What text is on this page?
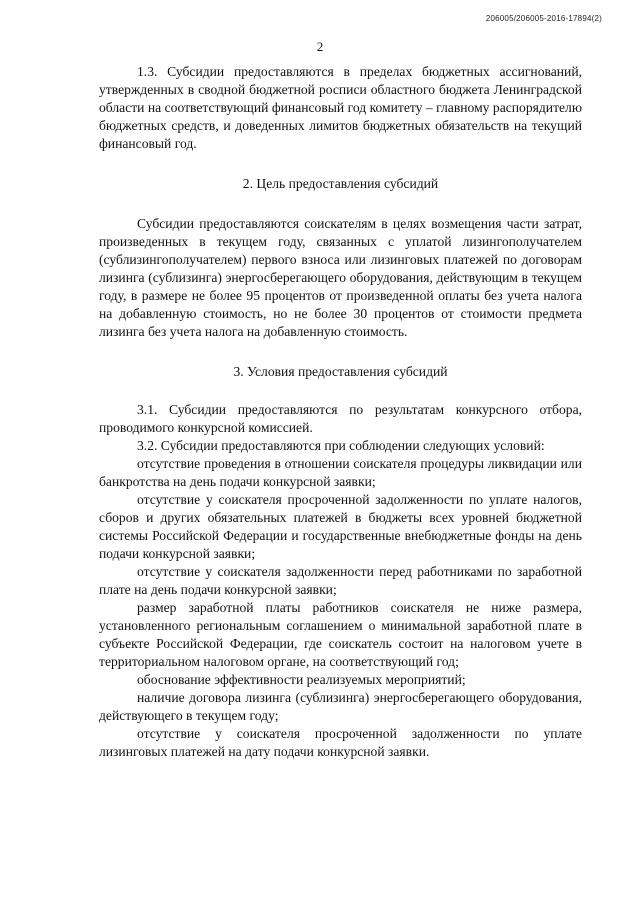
206005/206005-2016-17894(2)
2

1.3. Субсидии предоставляются в пределах бюджетных ассигнований, утвержденных в сводной бюджетной росписи областного бюджета Ленинградской области на соответствующий финансовый год комитету – главному распорядителю бюджетных средств, и доведенных лимитов бюджетных обязательств на текущий финансовый год.

2. Цель предоставления субсидий

Субсидии предоставляются соискателям в целях возмещения части затрат, произведенных в текущем году, связанных с уплатой лизингополучателем (сублизингополучателем) первого взноса или лизинговых платежей по договорам лизинга (сублизинга) энергосберегающего оборудования, действующим в текущем году, в размере не более 95 процентов от произведенной оплаты без учета налога на добавленную стоимость, но не более 30 процентов от стоимости предмета лизинга без учета налога на добавленную стоимость.

3. Условия предоставления субсидий

3.1. Субсидии предоставляются по результатам конкурсного отбора, проводимого конкурсной комиссией.

3.2. Субсидии предоставляются при соблюдении следующих условий:

отсутствие проведения в отношении соискателя процедуры ликвидации или банкротства на день подачи конкурсной заявки;

отсутствие у соискателя просроченной задолженности по уплате налогов, сборов и других обязательных платежей в бюджеты всех уровней бюджетной системы Российской Федерации и государственные внебюджетные фонды на день подачи конкурсной заявки;

отсутствие у соискателя задолженности перед работниками по заработной плате на день подачи конкурсной заявки;

размер заработной платы работников соискателя не ниже размера, установленного региональным соглашением о минимальной заработной плате в субъекте Российской Федерации, где соискатель состоит на налоговом учете в территориальном налоговом органе, на соответствующий год;

обоснование эффективности реализуемых мероприятий;

наличие договора лизинга (сублизинга) энергосберегающего оборудования, действующего в текущем году;

отсутствие у соискателя просроченной задолженности по уплате лизинговых платежей на дату подачи конкурсной заявки.
